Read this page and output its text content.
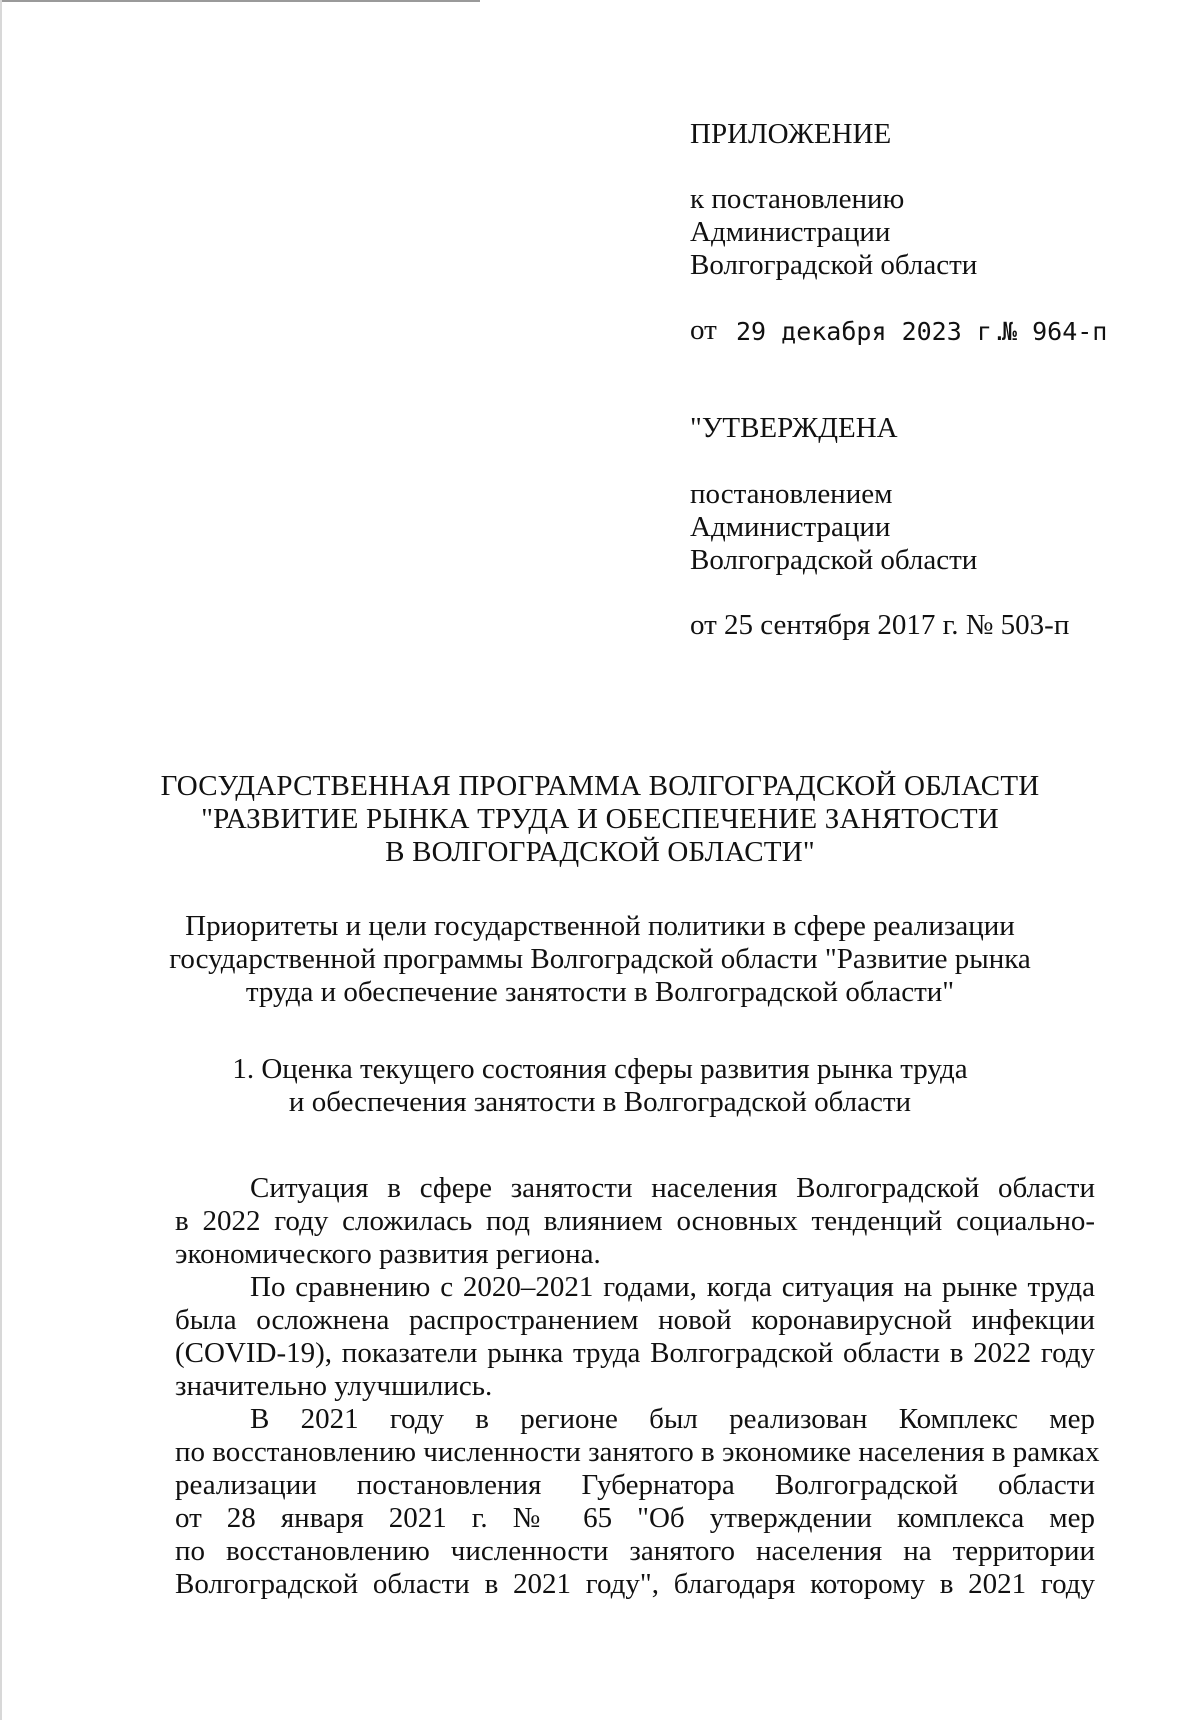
ПРИЛОЖЕНИЕ
к постановлению
Администрации
Волгоградской области
от 29 декабря 2023 г.
№ 964-п
"УТВЕРЖДЕНА
постановлением
Администрации
Волгоградской области
от 25 сентября 2017 г. № 503-п
ГОСУДАРСТВЕННАЯ ПРОГРАММА ВОЛГОГРАДСКОЙ ОБЛАСТИ
"РАЗВИТИЕ РЫНКА ТРУДА И ОБЕСПЕЧЕНИЕ ЗАНЯТОСТИ
В ВОЛГОГРАДСКОЙ ОБЛАСТИ"
Приоритеты и цели государственной политики в сфере реализации
государственной программы Волгоградской области "Развитие рынка
труда и обеспечение занятости в Волгоградской области"
1. Оценка текущего состояния сферы развития рынка труда
и обеспечения занятости в Волгоградской области
Ситуация в сфере занятости населения Волгоградской области
в 2022 году сложилась под влиянием основных тенденций социально-
экономического развития региона.
По сравнению с 2020–2021 годами, когда ситуация на рынке труда
была осложнена распространением новой коронавирусной инфекции
(COVID-19), показатели рынка труда Волгоградской области в 2022 году
значительно улучшились.
В 2021 году в регионе был реализован Комплекс мер
по восстановлению численности занятого в экономике населения в рамках
реализации постановления Губернатора Волгоградской области
от 28 января 2021 г. № 65 "Об утверждении комплекса мер
по восстановлению численности занятого населения на территории
Волгоградской области в 2021 году", благодаря которому в 2021 году
